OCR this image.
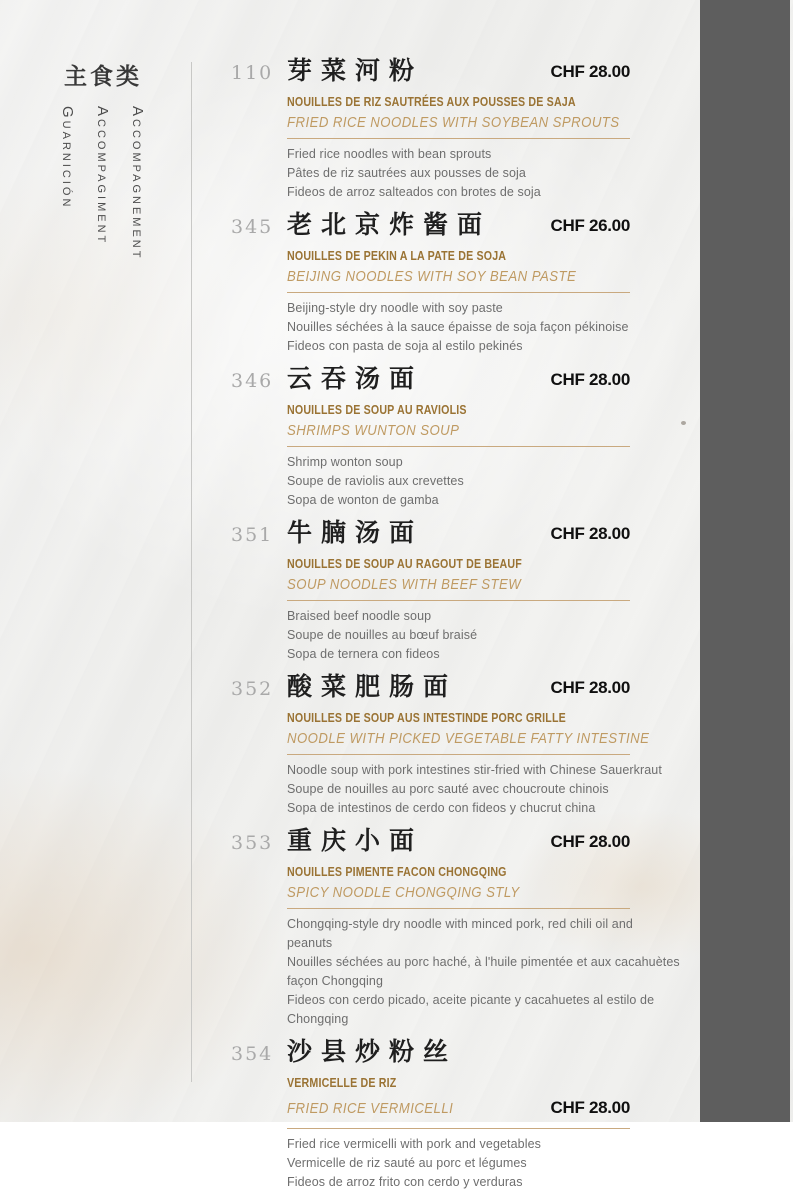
主食类
Accompagnement Accompagiment Guarnición
110 芽菜河粉	CHF 28.00
NOUILLES DE RIZ SAUTRÉES AUX POUSSES DE SAJA
FRIED RICE NOODLES WITH SOYBEAN SPROUTS
Fried rice noodles with bean sprouts
Pâtes de riz sautrées aux pousses de soja
Fideos de arroz salteados con brotes de soja
345 老北京炸酱面	CHF 26.00
NOUILLES DE PEKIN A LA PATE DE SOJA
BEIJING NOODLES WITH SOY BEAN PASTE
Beijing-style dry noodle with soy paste
Nouilles séchées à la sauce épaisse de soja façon pékinoise
Fideos con pasta de soja al estilo pekinés
346 云吞汤面	CHF 28.00
NOUILLES DE SOUP AU RAVIOLIS
SHRIMPS WUNTON SOUP
Shrimp wonton soup
Soupe de raviolis aux crevettes
Sopa de wonton de gamba
351 牛腩汤面	CHF 28.00
NOUILLES DE SOUP AU RAGOUT DE BEAUF
SOUP NOODLES WITH BEEF STEW
Braised beef noodle soup
Soupe de nouilles au bœuf braisé
Sopa de ternera con fideos
352 酸菜肥肠面	CHF 28.00
NOUILLES DE SOUP AUS INTESTINDE PORC GRILLE
NOODLE WITH PICKED VEGETABLE FATTY INTESTINE
Noodle soup with pork intestines stir-fried with Chinese Sauerkraut
Soupe de nouilles au porc sauté avec choucroute chinois
Sopa de intestinos de cerdo con fideos y chucrut china
353 重庆小面	CHF 28.00
NOUILLES PIMENTE FACON CHONGQING
SPICY NOODLE CHONGQING STLY
Chongqing-style dry noodle with minced pork, red chili oil and peanuts
Nouilles séchées au porc haché, à l'huile pimentée et aux cacahuètes façon Chongqing
Fideos con cerdo picado, aceite picante y cacahuetes al estilo de Chongqing
354 沙县炒粉丝
VERMICELLE DE RIZ
FRIED RICE VERMICELLI	CHF 28.00
Fried rice vermicelli with pork and vegetables
Vermicelle de riz sauté au porc et légumes
Fideos de arroz frito con cerdo y verduras
